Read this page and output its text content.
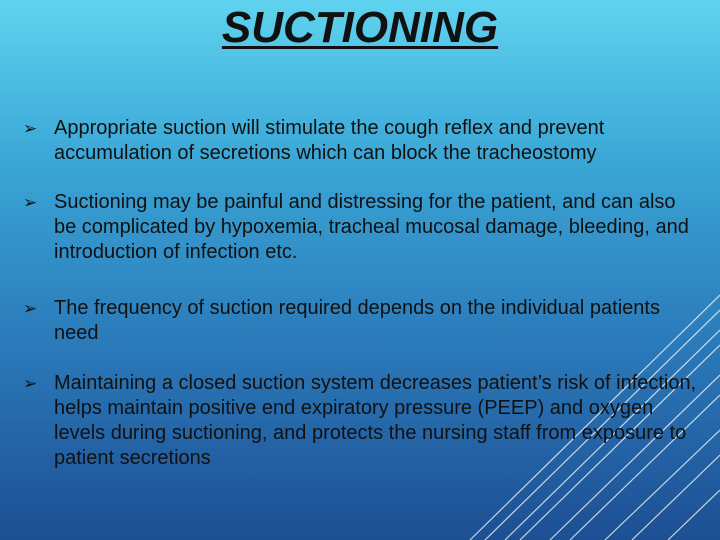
SUCTIONING
➢ Appropriate suction will stimulate the cough reflex and prevent accumulation of secretions which can block the tracheostomy
➢ Suctioning may be painful and distressing for the patient, and can also be complicated by hypoxemia, tracheal mucosal damage, bleeding, and introduction of infection etc.
➢ The frequency of suction required depends on the individual patients need
➢ Maintaining a closed suction system decreases patient’s risk of infection, helps maintain positive end expiratory pressure (PEEP) and oxygen levels during suctioning, and protects the nursing staff from exposure to patient secretions
